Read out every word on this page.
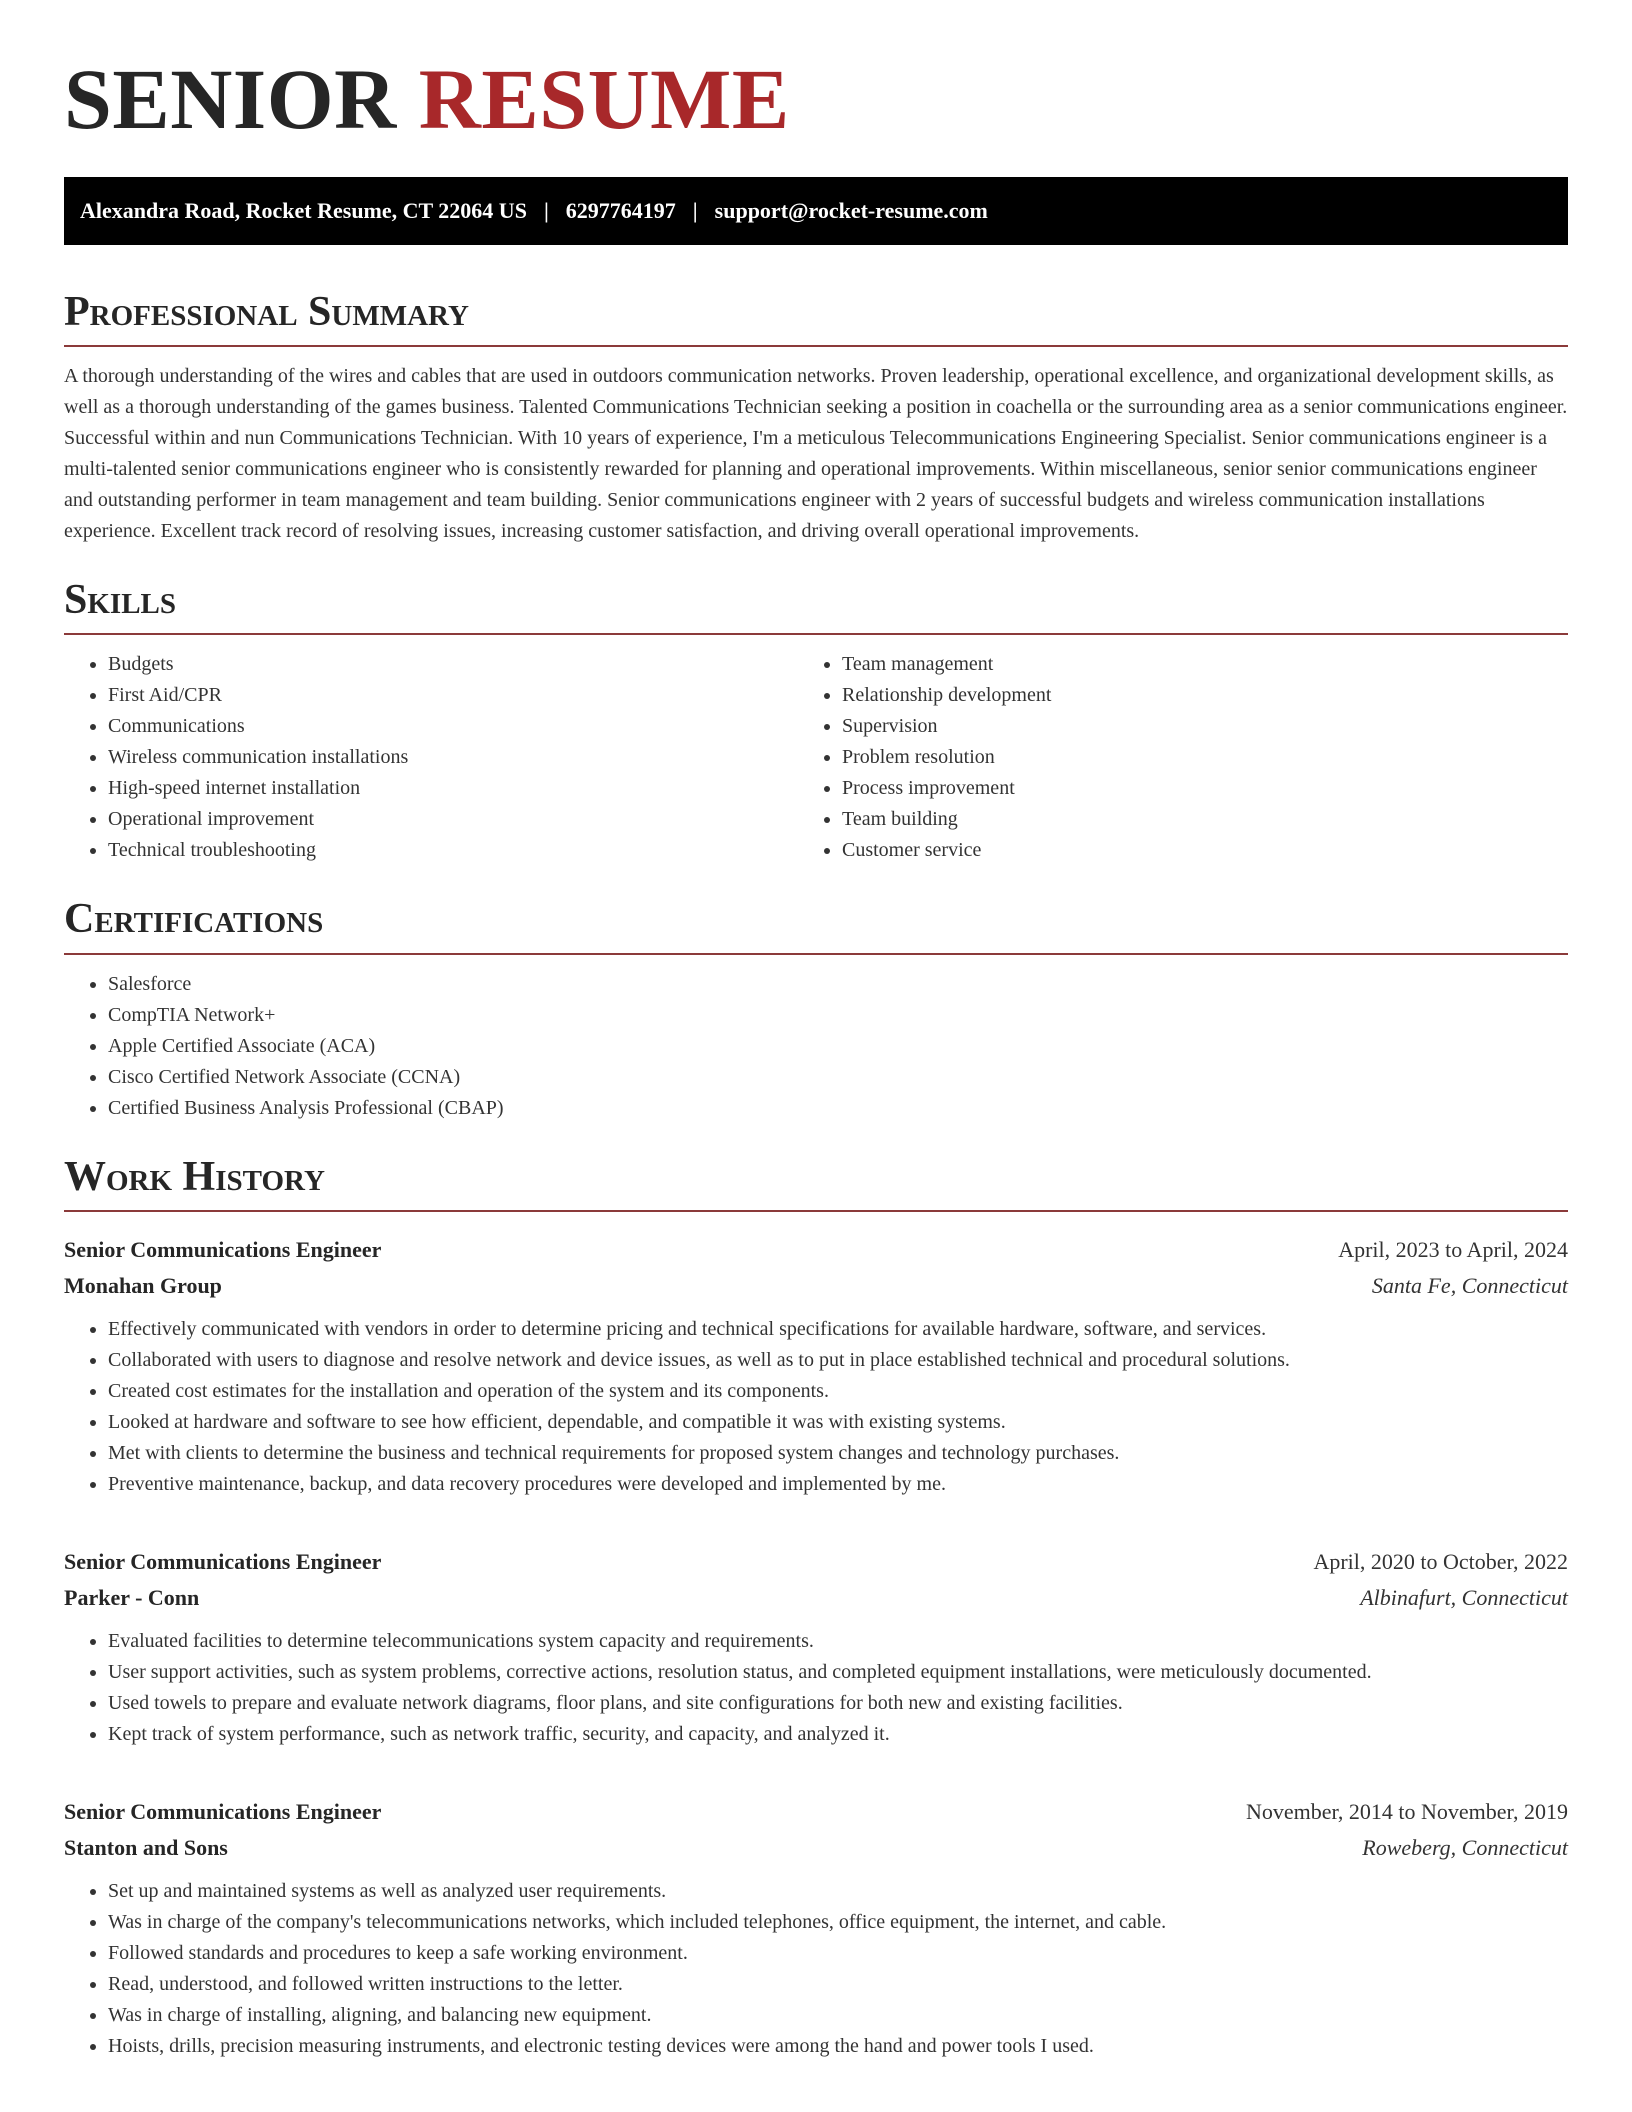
SENIOR RESUME
Alexandra Road, Rocket Resume, CT 22064 US | 6297764197 | support@rocket-resume.com
Professional Summary

A thorough understanding of the wires and cables that are used in outdoors communication networks. Proven leadership, operational excellence, and organizational development skills, as well as a thorough understanding of the games business. Talented Communications Technician seeking a position in coachella or the surrounding area as a senior communications engineer. Successful within and nun Communications Technician. With 10 years of experience, I'm a meticulous Telecommunications Engineering Specialist. Senior communications engineer is a multi-talented senior communications engineer who is consistently rewarded for planning and operational improvements. Within miscellaneous, senior senior communications engineer and outstanding performer in team management and team building. Senior communications engineer with 2 years of successful budgets and wireless communication installations experience. Excellent track record of resolving issues, increasing customer satisfaction, and driving overall operational improvements.

Skills
• Budgets
• First Aid/CPR
• Communications
• Wireless communication installations
• High-speed internet installation
• Operational improvement
• Technical troubleshooting
• Team management
• Relationship development
• Supervision
• Problem resolution
• Process improvement
• Team building
• Customer service
Certifications
• Salesforce
• CompTIA Network+
• Apple Certified Associate (ACA)
• Cisco Certified Network Associate (CCNA)
• Certified Business Analysis Professional (CBAP)
Work History
Senior Communications Engineer	April, 2023 to April, 2024
Monahan Group	Santa Fe, Connecticut
• Effectively communicated with vendors in order to determine pricing and technical specifications for available hardware, software, and services.
• Collaborated with users to diagnose and resolve network and device issues, as well as to put in place established technical and procedural solutions.
• Created cost estimates for the installation and operation of the system and its components.
• Looked at hardware and software to see how efficient, dependable, and compatible it was with existing systems.
• Met with clients to determine the business and technical requirements for proposed system changes and technology purchases.
• Preventive maintenance, backup, and data recovery procedures were developed and implemented by me.
Senior Communications Engineer	April, 2020 to October, 2022
Parker - Conn	Albinafurt, Connecticut
• Evaluated facilities to determine telecommunications system capacity and requirements.
• User support activities, such as system problems, corrective actions, resolution status, and completed equipment installations, were meticulously documented.
• Used towels to prepare and evaluate network diagrams, floor plans, and site configurations for both new and existing facilities.
• Kept track of system performance, such as network traffic, security, and capacity, and analyzed it.
Senior Communications Engineer	November, 2014 to November, 2019
Stanton and Sons	Roweberg, Connecticut
• Set up and maintained systems as well as analyzed user requirements.
• Was in charge of the company's telecommunications networks, which included telephones, office equipment, the internet, and cable.
• Followed standards and procedures to keep a safe working environment.
• Read, understood, and followed written instructions to the letter.
• Was in charge of installing, aligning, and balancing new equipment.
• Hoists, drills, precision measuring instruments, and electronic testing devices were among the hand and power tools I used.
